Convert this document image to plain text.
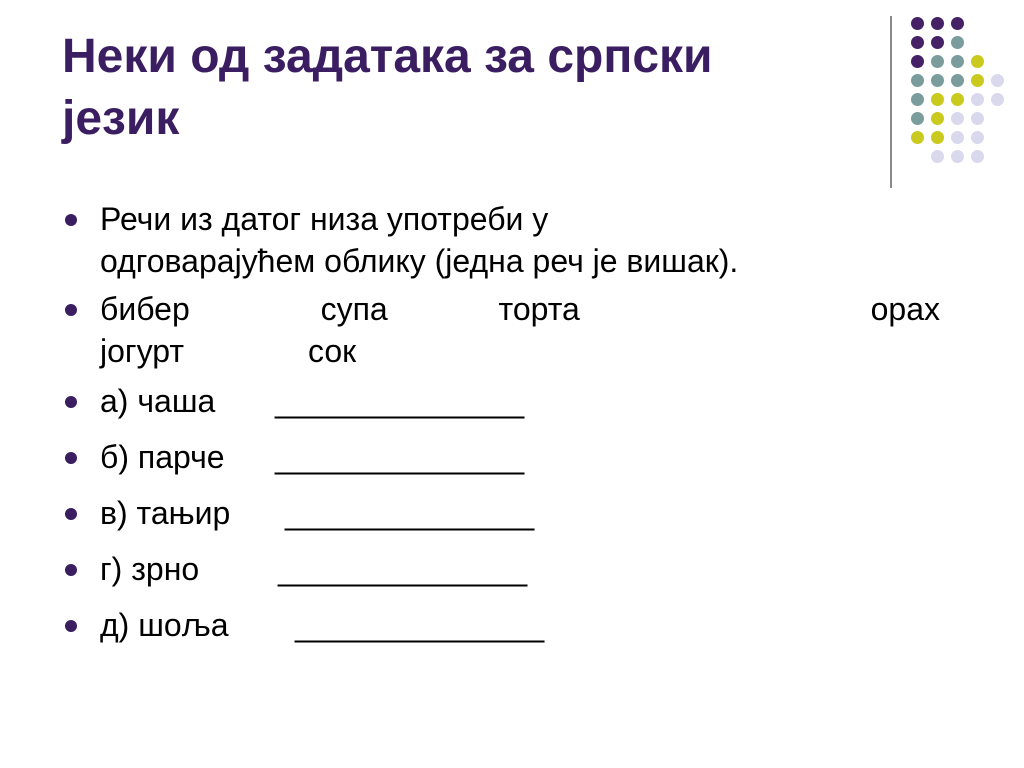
Неки од задатака за српски
језик
Речи из датог низа употреби у
одговарајућем облику (једна реч је вишак).
бибер	супа	торта	орах
јогурт	сок
а) чаша	______________
б) парче	______________
в) тањир	______________
г) зрно	______________
д) шоља	______________
